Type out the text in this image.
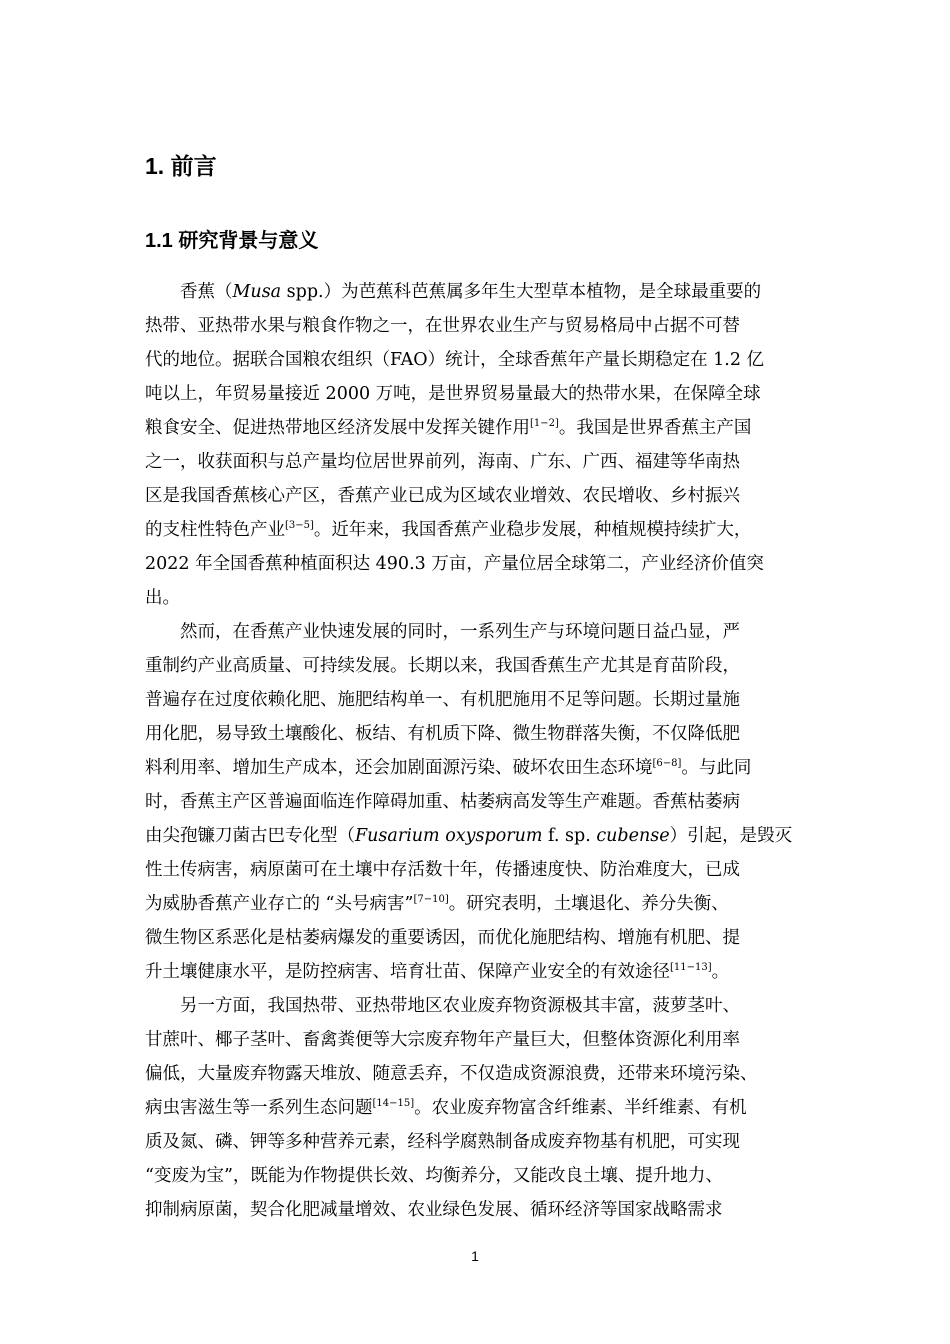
1. 前言
1.1 研究背景与意义
香蕉（Musa spp.）为芭蕉科芭蕉属多年生大型草本植物，是全球最重要的
热带、亚热带水果与粮食作物之一，在世界农业生产与贸易格局中占据不可替
代的地位。据联合国粮农组织（FAO）统计，全球香蕉年产量长期稳定在 1.2 亿
吨以上，年贸易量接近 2000 万吨，是世界贸易量最大的热带水果，在保障全球
粮食安全、促进热带地区经济发展中发挥关键作用[1−2]。我国是世界香蕉主产国
之一，收获面积与总产量均位居世界前列，海南、广东、广西、福建等华南热
区是我国香蕉核心产区，香蕉产业已成为区域农业增效、农民增收、乡村振兴
的支柱性特色产业[3−5]。近年来，我国香蕉产业稳步发展，种植规模持续扩大，
2022 年全国香蕉种植面积达 490.3 万亩，产量位居全球第二，产业经济价值突
出。
然而，在香蕉产业快速发展的同时，一系列生产与环境问题日益凸显，严
重制约产业高质量、可持续发展。长期以来，我国香蕉生产尤其是育苗阶段，
普遍存在过度依赖化肥、施肥结构单一、有机肥施用不足等问题。长期过量施
用化肥，易导致土壤酸化、板结、有机质下降、微生物群落失衡，不仅降低肥
料利用率、增加生产成本，还会加剧面源污染、破坏农田生态环境[6−8]。与此同
时，香蕉主产区普遍面临连作障碍加重、枯萎病高发等生产难题。香蕉枯萎病
由尖孢镰刀菌古巴专化型（Fusarium oxysporum f. sp. cubense）引起，是毁灭
性土传病害，病原菌可在土壤中存活数十年，传播速度快、防治难度大，已成
为威胁香蕉产业存亡的 “头号病害”[7−10]。研究表明，土壤退化、养分失衡、
微生物区系恶化是枯萎病爆发的重要诱因，而优化施肥结构、增施有机肥、提
升土壤健康水平，是防控病害、培育壮苗、保障产业安全的有效途径[11−13]。
另一方面，我国热带、亚热带地区农业废弃物资源极其丰富，菠萝茎叶、
甘蔗叶、椰子茎叶、畜禽粪便等大宗废弃物年产量巨大，但整体资源化利用率
偏低，大量废弃物露天堆放、随意丢弃，不仅造成资源浪费，还带来环境污染、
病虫害滋生等一系列生态问题[14−15]。农业废弃物富含纤维素、半纤维素、有机
质及氮、磷、钾等多种营养元素，经科学腐熟制备成废弃物基有机肥，可实现
“变废为宝”，既能为作物提供长效、均衡养分，又能改良土壤、提升地力、
抑制病原菌，契合化肥减量增效、农业绿色发展、循环经济等国家战略需求
1
